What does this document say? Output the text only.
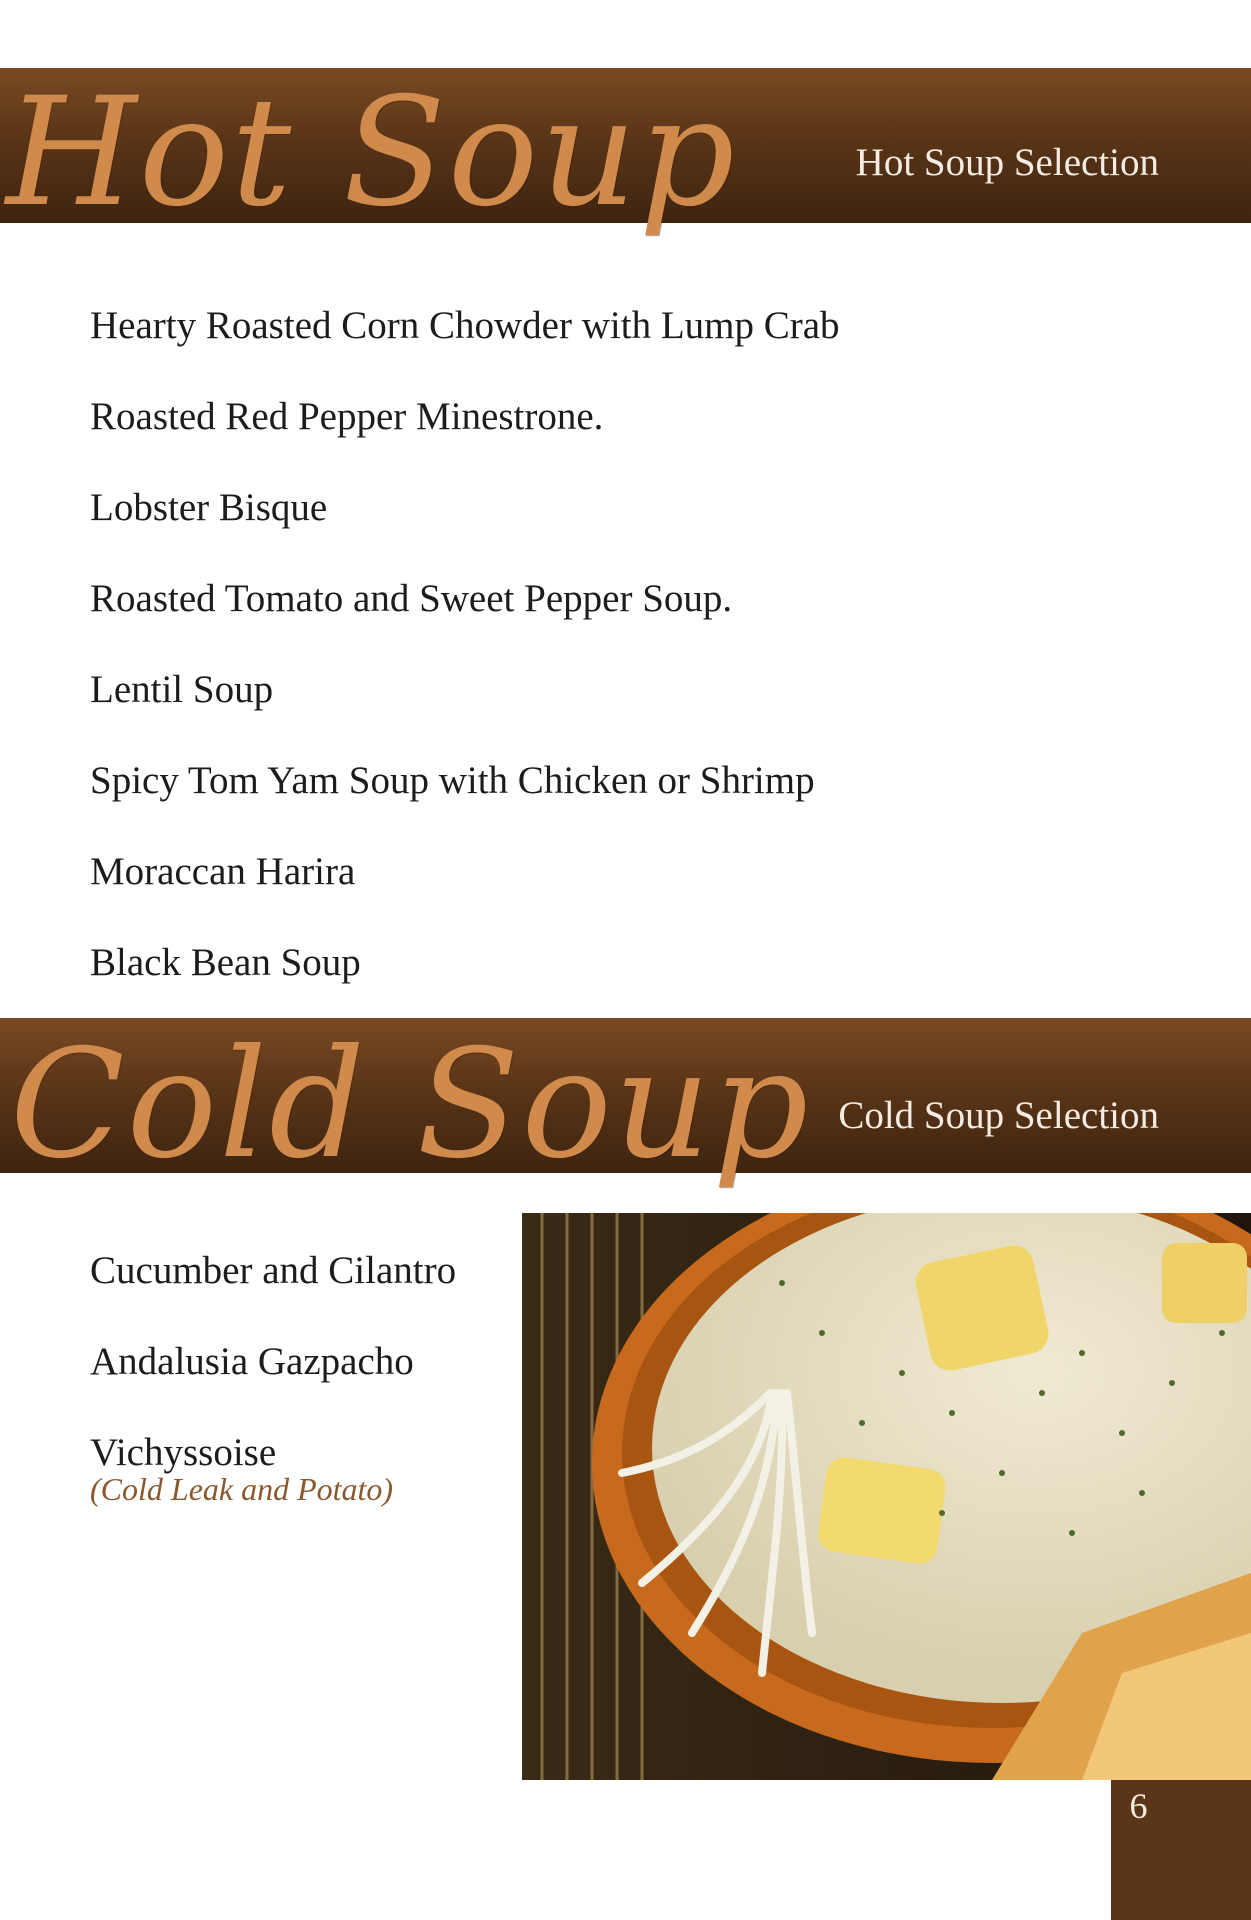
Hot Soup	Hot Soup Selection
Hearty Roasted Corn Chowder with Lump Crab
Roasted Red Pepper Minestrone.
Lobster Bisque
Roasted Tomato and Sweet Pepper Soup.
Lentil Soup
Spicy Tom Yam Soup with Chicken or Shrimp
Moraccan Harira
Black Bean Soup
Cold Soup Cold Soup Selection
Cucumber and Cilantro
Andalusia Gazpacho
Vichyssoise
(Cold Leak and Potato)
6
